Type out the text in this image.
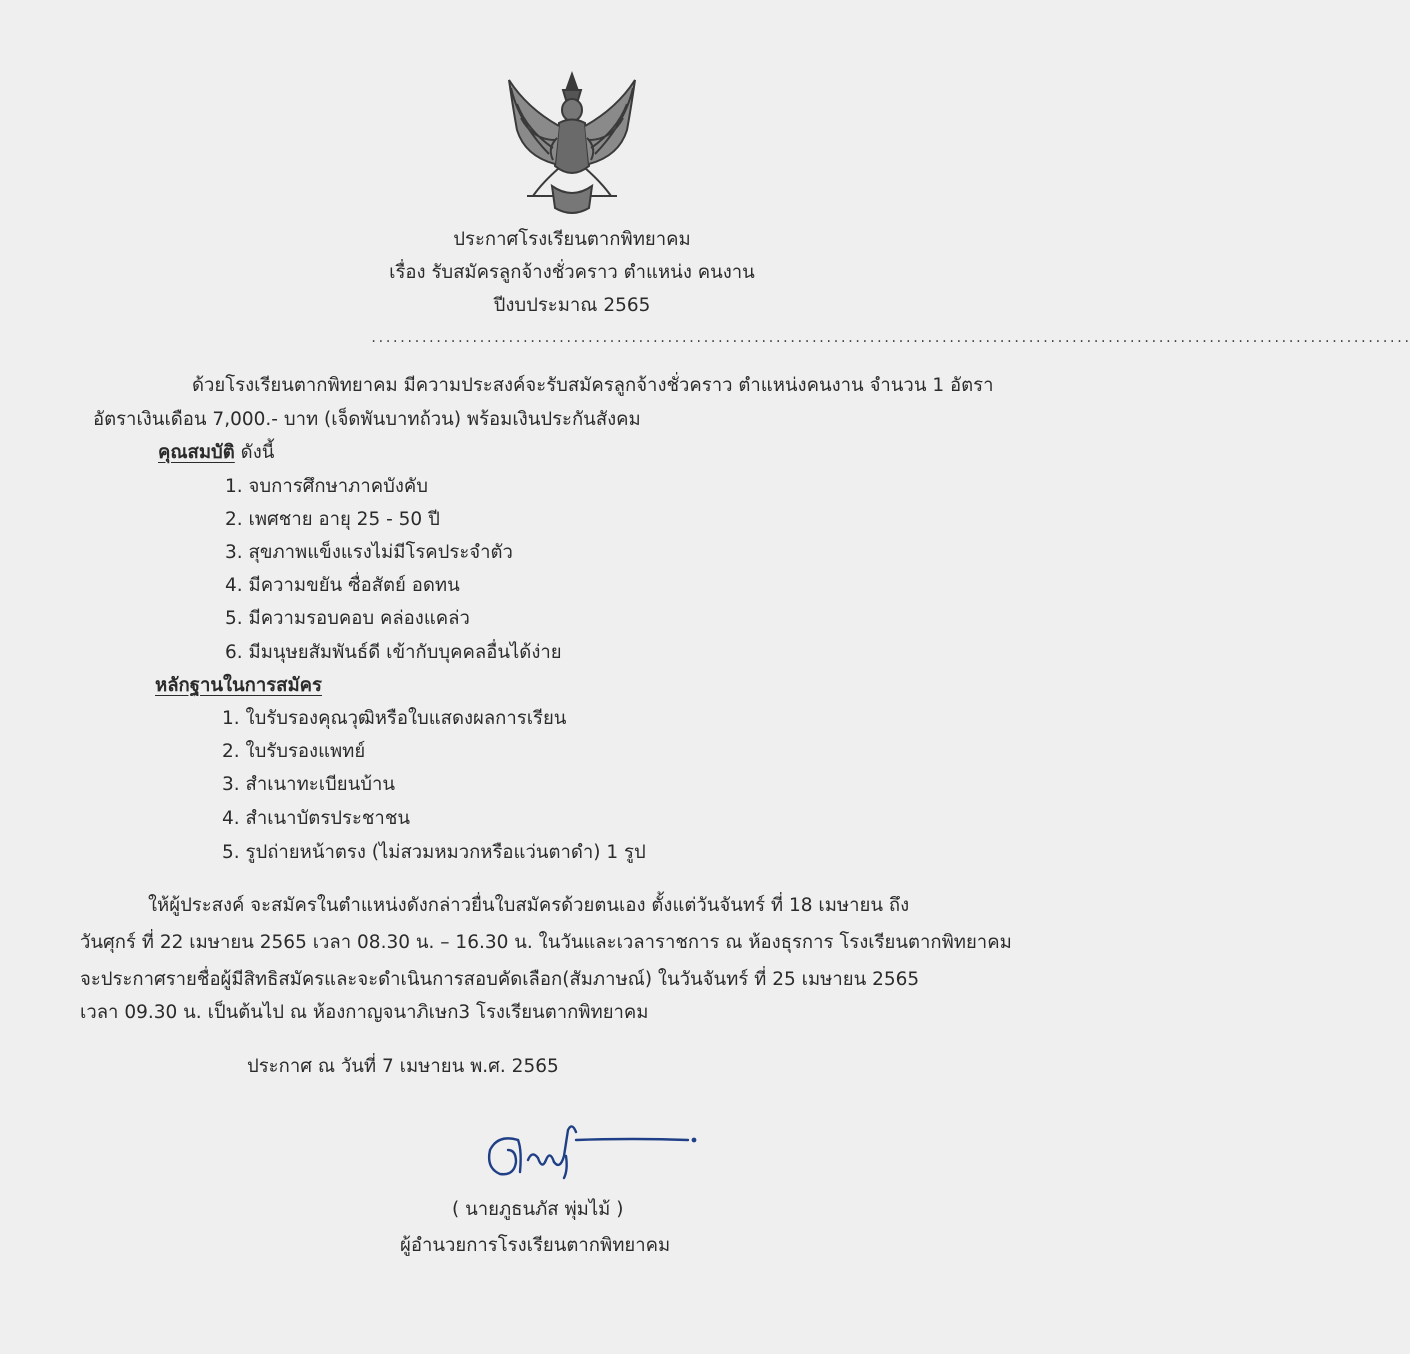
ประกาศโรงเรียนตากพิทยาคม
เรื่อง รับสมัครลูกจ้างชั่วคราว ตำแหน่ง คนงาน
ปีงบประมาณ 2565
................................................................................................................................................
ด้วยโรงเรียนตากพิทยาคม มีความประสงค์จะรับสมัครลูกจ้างชั่วคราว ตำแหน่งคนงาน จำนวน 1 อัตรา
อัตราเงินเดือน 7,000.- บาท (เจ็ดพันบาทถ้วน) พร้อมเงินประกันสังคม
คุณสมบัติ ดังนี้
1. จบการศึกษาภาคบังคับ
2. เพศชาย อายุ 25 - 50 ปี
3. สุขภาพแข็งแรงไม่มีโรคประจำตัว
4. มีความขยัน ซื่อสัตย์ อดทน
5. มีความรอบคอบ คล่องแคล่ว
6. มีมนุษยสัมพันธ์ดี เข้ากับบุคคลอื่นได้ง่าย
หลักฐานในการสมัคร
1. ใบรับรองคุณวุฒิหรือใบแสดงผลการเรียน
2. ใบรับรองแพทย์
3. สำเนาทะเบียนบ้าน
4. สำเนาบัตรประชาชน
5. รูปถ่ายหน้าตรง (ไม่สวมหมวกหรือแว่นตาดำ) 1 รูป
ให้ผู้ประสงค์ จะสมัครในตำแหน่งดังกล่าวยื่นใบสมัครด้วยตนเอง ตั้งแต่วันจันทร์ ที่ 18 เมษายน ถึง
วันศุกร์ ที่ 22 เมษายน 2565 เวลา 08.30 น. – 16.30 น. ในวันและเวลาราชการ ณ ห้องธุรการ โรงเรียนตากพิทยาคม
จะประกาศรายชื่อผู้มีสิทธิสมัครและจะดำเนินการสอบคัดเลือก(สัมภาษณ์) ในวันจันทร์ ที่ 25 เมษายน 2565
เวลา 09.30 น. เป็นต้นไป ณ ห้องกาญจนาภิเษก3 โรงเรียนตากพิทยาคม
ประกาศ ณ วันที่ 7 เมษายน พ.ศ. 2565
( นายภูธนภัส พุ่มไม้ )
ผู้อำนวยการโรงเรียนตากพิทยาคม
